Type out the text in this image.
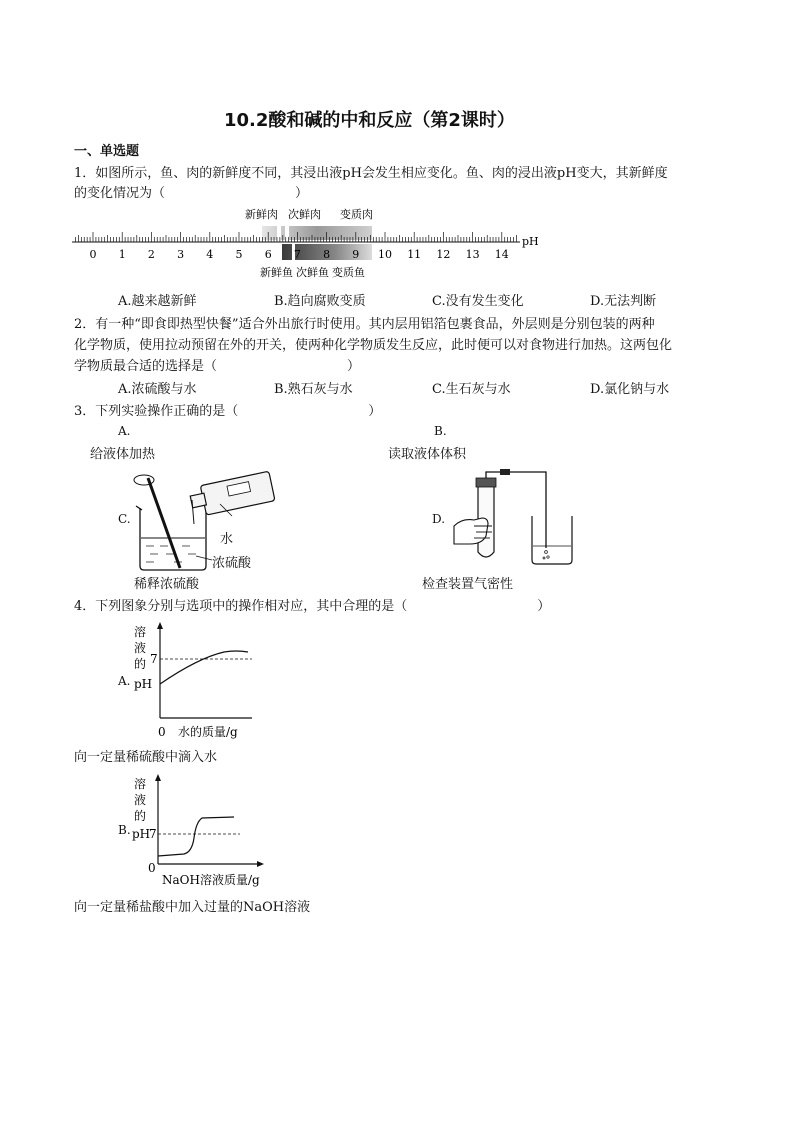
10.2酸和碱的中和反应（第2课时）
一、单选题
1．如图所示，鱼、肉的新鲜度不同，其浸出液pH会发生相应变化。鱼、肉的浸出液pH变大，其新鲜度
的变化情况为（　　　　　　　　　　）
新鲜肉 次鲜肉 变质肉
0 1 2 3 4 5 6 7 8 9 10 11 12 13 14
pH
新鲜鱼 次鲜鱼 变质鱼
A.越来越新鲜	B.趋向腐败变质	C.没有发生变化	D.无法判断
2．有一种“即食即热型快餐”适合外出旅行时使用。其内层用铝箔包裹食品，外层则是分别包装的两种
化学物质，使用拉动预留在外的开关，使两种化学物质发生反应，此时便可以对食物进行加热。这两包化
学物质最合适的选择是（　　　　　　　　　　）
A.浓硫酸与水	B.熟石灰与水	C.生石灰与水	D.氯化钠与水
3．下列实验操作正确的是（　　　　　　　　　　）
A.
给液体加热
B.
读取液体体积
C.
水
浓硫酸
稀释浓硫酸
D.
检查装置气密性
4．下列图象分别与选项中的操作相对应，其中合理的是（　　　　　　　　　　）
A.
溶
液
的
pH
7
0 水的质量/g
向一定量稀硫酸中滴入水
B.
溶
液
的
pH
7
0
NaOH溶液质量/g
向一定量稀盐酸中加入过量的NaOH溶液
